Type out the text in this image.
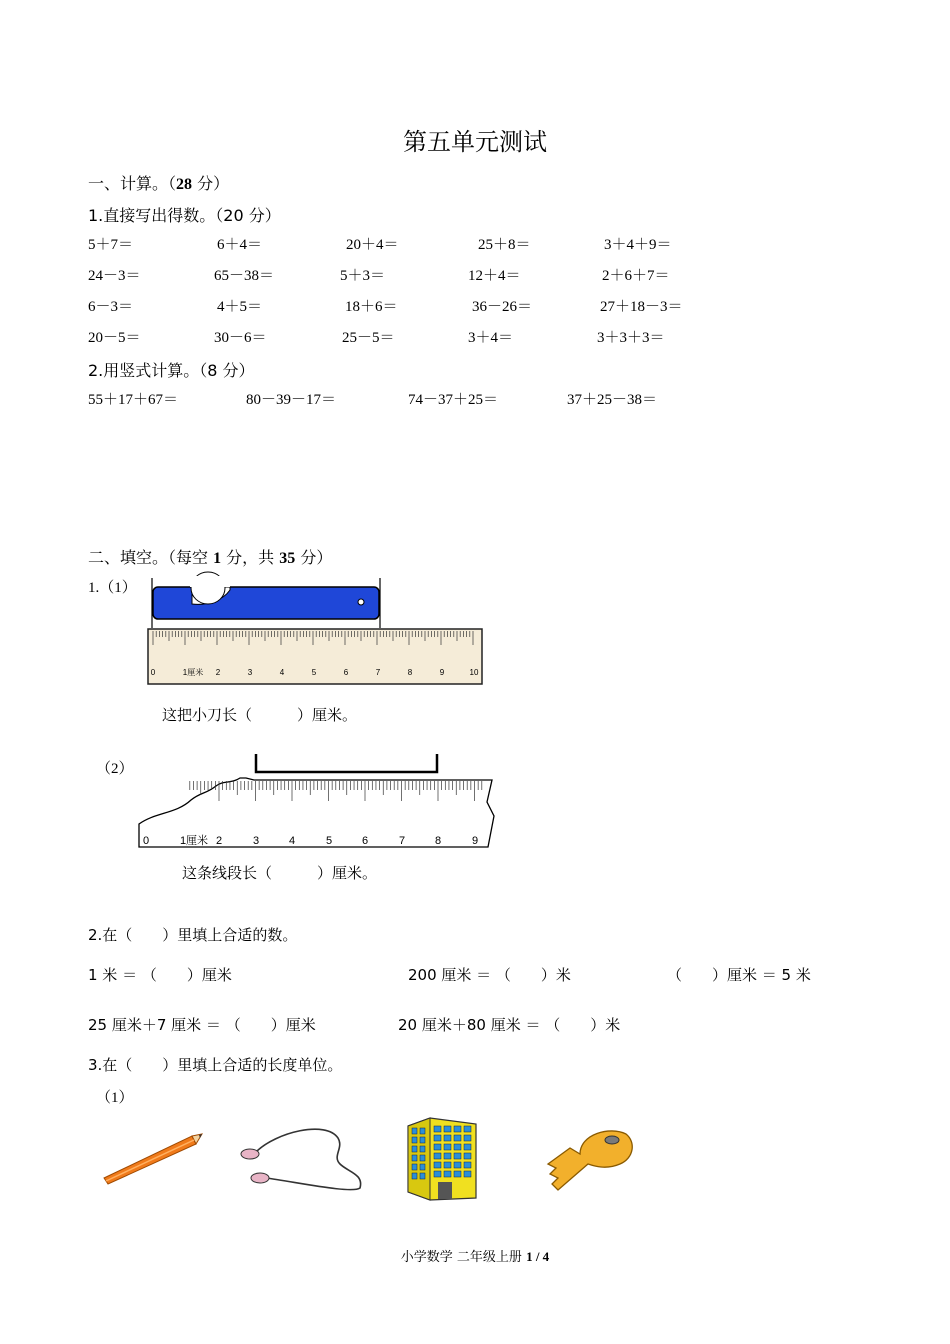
第五单元测试
一、计算。（28 分）
1.直接写出得数。（20 分）
5＋7＝	6＋4＝	20＋4＝	25＋8＝	3＋4＋9＝
24－3＝	65－38＝	5＋3＝	12＋4＝	2＋6＋7＝
6－3＝	4＋5＝	18＋6＝	36－26＝	27＋18－3＝
20－5＝	30－6＝	25－5＝	3＋4＝	3＋3＋3＝
2.用竖式计算。（8 分）
55＋17＋67＝	80－39－17＝	74－37＋25＝	37＋25－38＝
二、填空。（每空 1 分，共 35 分）
1.（1）
0	1厘米 2	3	4	5	6	7	8	9	10
这把小刀长（　　　）厘米。
（2）
0	1厘米 2	3	4	5	6	7	8	9
这条线段长（　　　）厘米。
2.在（　　）里填上合适的数。
1 米 ＝ （　　）厘米	200 厘米 ＝ （　　）米	（　　）厘米 ＝ 5 米
25 厘米＋7 厘米 ＝ （　　）厘米	20 厘米＋80 厘米 ＝ （　　）米
3.在（　　）里填上合适的长度单位。
（1）
小学数学 二年级上册 1 / 4
